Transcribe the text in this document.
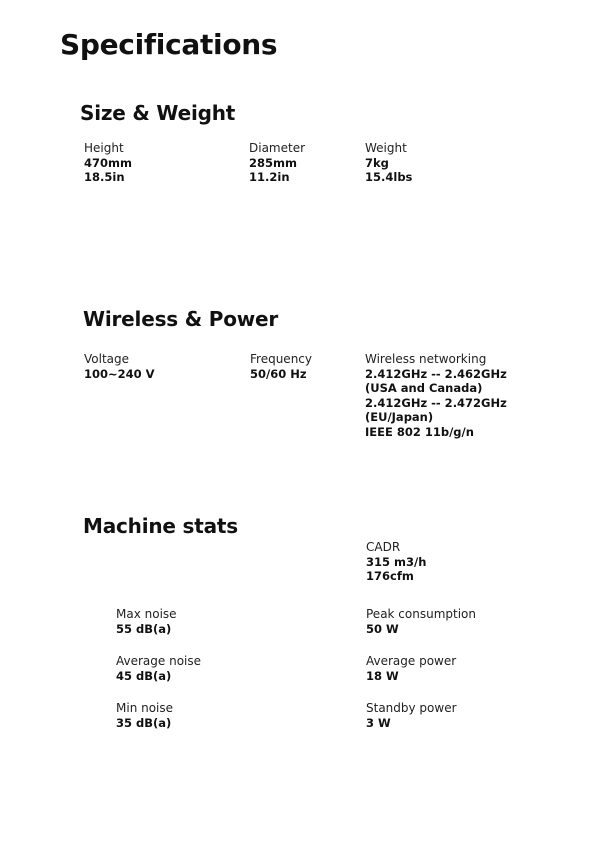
Specifications
Size & Weight
Height
470mm
18.5in
Diameter
285mm
11.2in
Weight
7kg
15.4lbs
Wireless & Power
Voltage
100~240 V
Frequency
50/60 Hz
Wireless networking
2.412GHz -- 2.462GHz
(USA and Canada)
2.412GHz -- 2.472GHz
(EU/Japan)
IEEE 802 11b/g/n
Machine stats
CADR
315 m3/h
176cfm
Max noise
55 dB(a)
Peak consumption
50 W
Average noise
45 dB(a)
Average power
18 W
Min noise
35 dB(a)
Standby power
3 W
